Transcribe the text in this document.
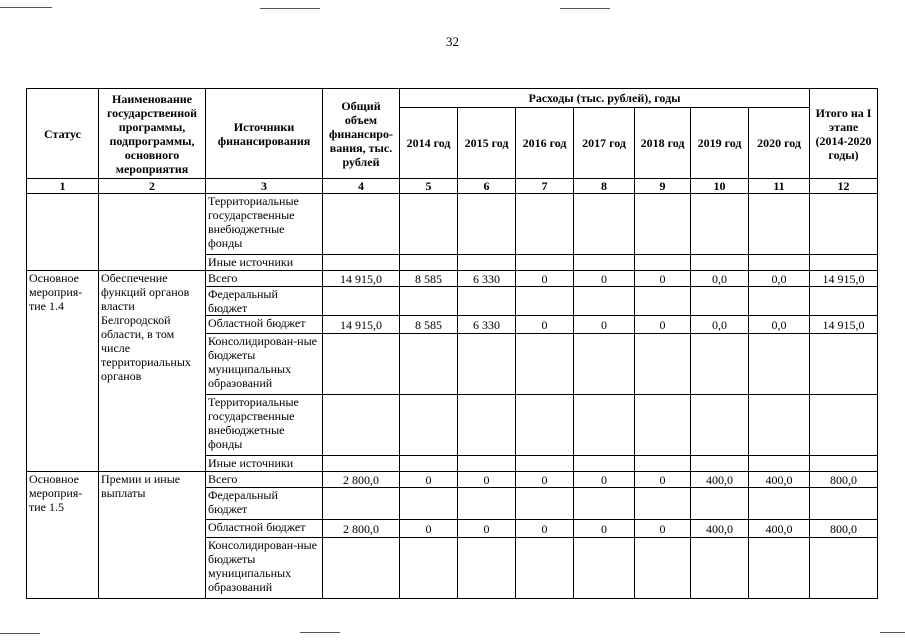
32
Статус	Наименование государственной программы, подпрограммы, основного мероприятия	Источники финансирования	Общий объем финансиро-вания, тыс. рублей	Расходы (тыс. рублей), годы							Итого на I этапе (2014-2020 годы)
				2014 год	2015 год	2016 год	2017 год	2018 год	2019 год	2020 год	
1	2	3	4	5	6	7	8	9	10	11	12
		Территориальные государственные внебюджетные фонды									
		Иные источники									
Основное мероприя-тие 1.4	Обеспечение функций органов власти Белгородской области, в том числе территориальных органов	Всего	14 915,0	8 585	6 330	0	0	0	0,0	0,0	14 915,0
		Федеральный бюджет									
		Областной бюджет	14 915,0	8 585	6 330	0	0	0	0,0	0,0	14 915,0
		Консолидирован-ные бюджеты муниципальных образований									
		Территориальные государственные внебюджетные фонды									
		Иные источники									
Основное мероприя-тие 1.5	Премии и иные выплаты	Всего	2 800,0	0	0	0	0	0	400,0	400,0	800,0
		Федеральный бюджет									
		Областной бюджет	2 800,0	0	0	0	0	0	400,0	400,0	800,0
		Консолидирован-ные бюджеты муниципальных образований									
